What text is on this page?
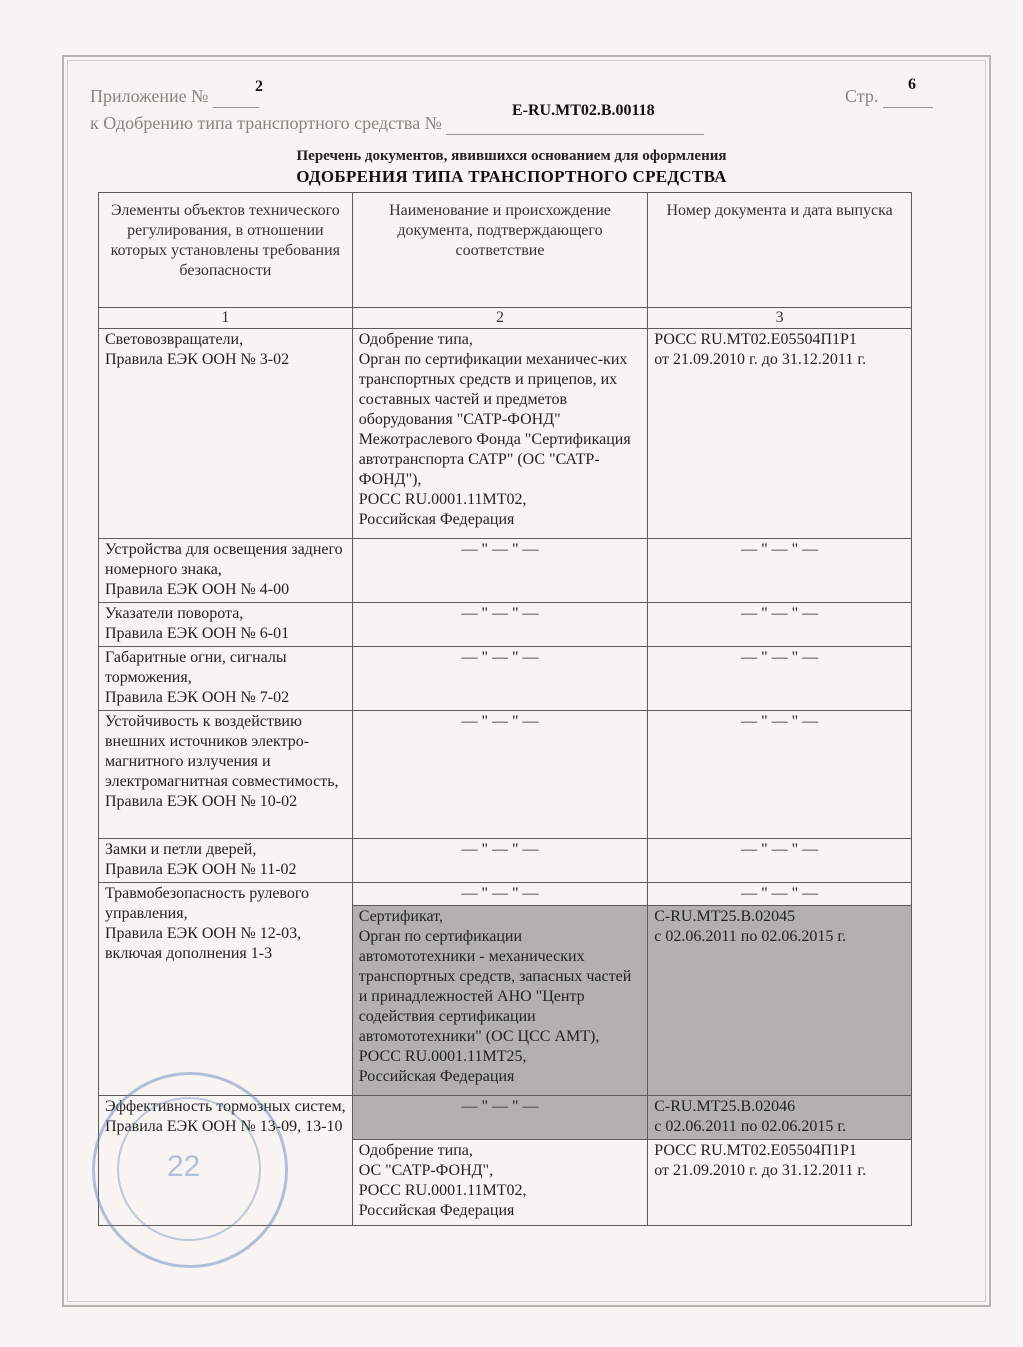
Приложение №	2
к Одобрению типа транспортного средства №
E-RU.MT02.B.00118
Стр.
6
Перечень документов, явившихся основанием для оформления
ОДОБРЕНИЯ ТИПА ТРАНСПОРТНОГО СРЕДСТВА
Элементы объектов технического регулирования, в отношении которых установлены требования безопасности	Наименование и происхождение документа, подтверждающего соответствие	Номер документа и дата выпуска
1	2	3
Световозвращатели,
Правила ЕЭК ООН № 3-02	Одобрение типа,
Орган по сертификации механичес-ких транспортных средств и прицепов, их составных частей и предметов оборудования "САТР-ФОНД" Межотраслевого Фонда "Сертификация автотранспорта САТР" (ОС "САТР-ФОНД"),
РОСС RU.0001.11МТ02,
Российская Федерация	РОСС RU.MT02.E05504П1Р1
от 21.09.2010 г. до 31.12.2011 г.
Устройства для освещения заднего номерного знака,
Правила ЕЭК ООН № 4-00	— " — " —	— " — " —
Указатели поворота,
Правила ЕЭК ООН № 6-01	— " — " —	— " — " —
Габаритные огни, сигналы торможения,
Правила ЕЭК ООН № 7-02	— " — " —	— " — " —
Устойчивость к воздействию внешних источников электро-магнитного излучения и электромагнитная совместимость,
Правила ЕЭК ООН № 10-02	— " — " —	— " — " —
Замки и петли дверей,
Правила ЕЭК ООН № 11-02	— " — " —	— " — " —
Травмобезопасность рулевого управления,
Правила ЕЭК ООН № 12-03, включая дополнения 1-3	— " — " —	— " — " —
	Сертификат,
Орган по сертификации автомототехники - механических транспортных средств, запасных частей и принадлежностей АНО "Центр содействия сертификации автомототехники" (ОС ЦСС АМТ),
РОСС RU.0001.11МТ25,
Российская Федерация	C-RU.MT25.B.02045
с 02.06.2011 по 02.06.2015 г.
Эффективность тормозных систем,
Правила ЕЭК ООН № 13-09, 13-10	— " — " —	C-RU.MT25.B.02046
с 02.06.2011 по 02.06.2015 г.
	Одобрение типа,
ОС "САТР-ФОНД",
РОСС RU.0001.11МТ02,
Российская Федерация	РОСС RU.MT02.E05504П1Р1
от 21.09.2010 г. до 31.12.2011 г.
22
